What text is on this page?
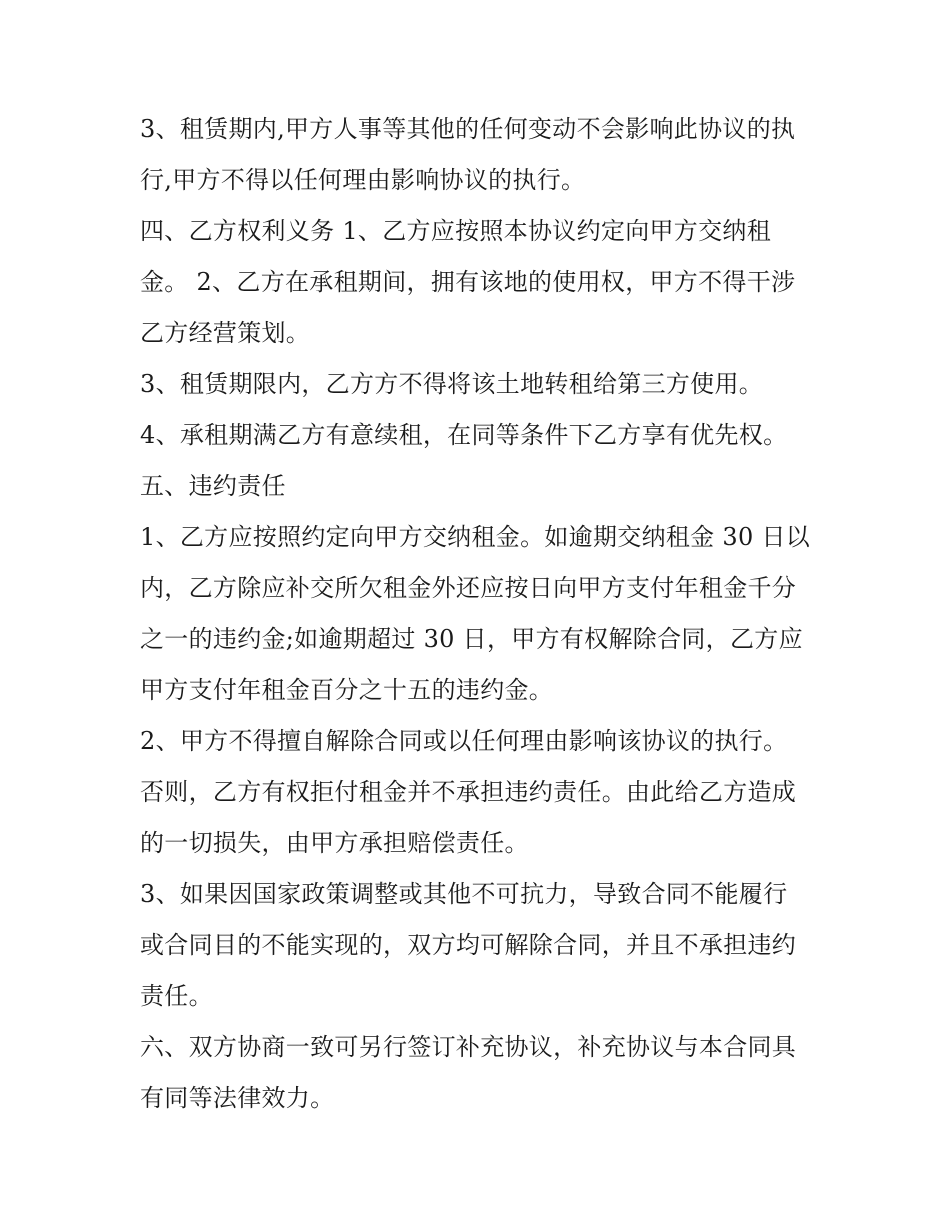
3、租赁期内,甲方人事等其他的任何变动不会影响此协议的执
行,甲方不得以任何理由影响协议的执行。
四、乙方权利义务 1、乙方应按照本协议约定向甲方交纳租
金。 2、乙方在承租期间，拥有该地的使用权，甲方不得干涉
乙方经营策划。
3、租赁期限内，乙方方不得将该土地转租给第三方使用。
4、承租期满乙方有意续租，在同等条件下乙方享有优先权。
五、违约责任
1、乙方应按照约定向甲方交纳租金。如逾期交纳租金 30 日以
内，乙方除应补交所欠租金外还应按日向甲方支付年租金千分
之一的违约金;如逾期超过 30 日，甲方有权解除合同，乙方应
甲方支付年租金百分之十五的违约金。
2、甲方不得擅自解除合同或以任何理由影响该协议的执行。
否则，乙方有权拒付租金并不承担违约责任。由此给乙方造成
的一切损失，由甲方承担赔偿责任。
3、如果因国家政策调整或其他不可抗力，导致合同不能履行
或合同目的不能实现的，双方均可解除合同，并且不承担违约
责任。
六、双方协商一致可另行签订补充协议，补充协议与本合同具
有同等法律效力。
